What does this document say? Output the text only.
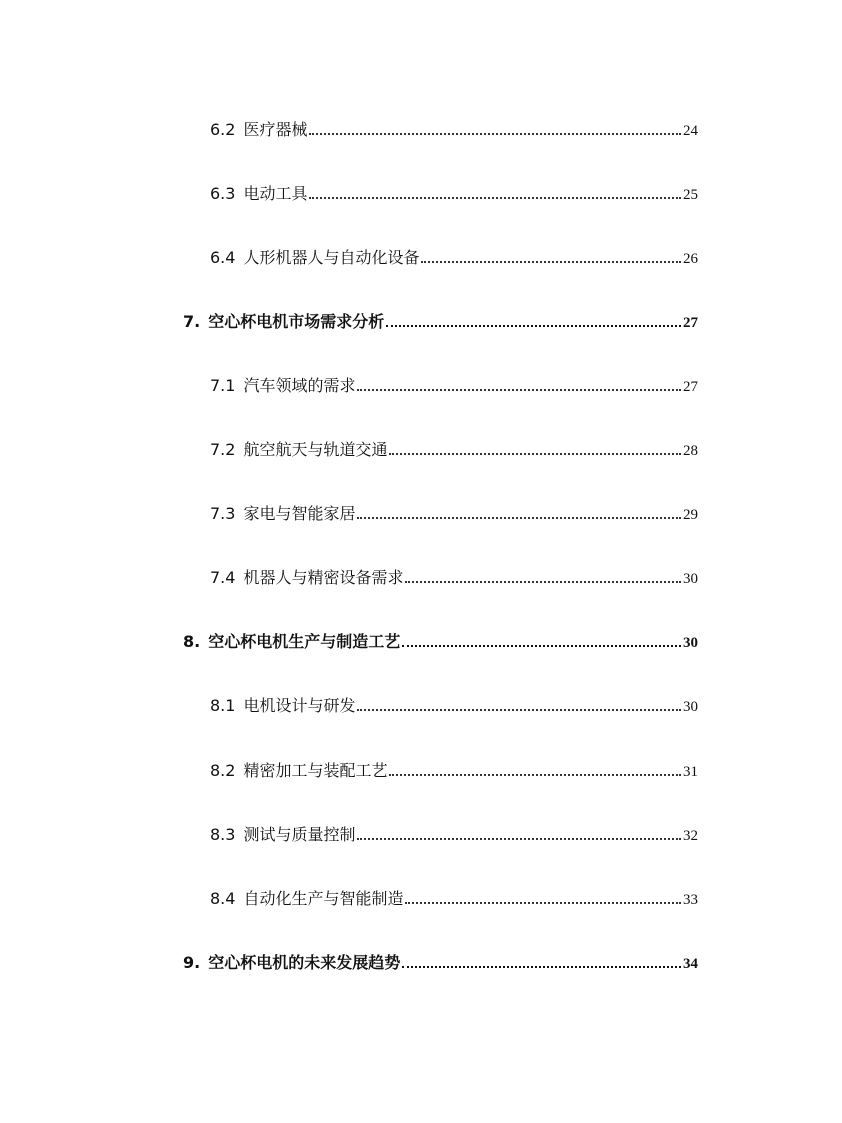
6.2 医疗器械	24
6.3 电动工具	25
6.4 人形机器人与自动化设备	26
7. 空心杯电机市场需求分析	27
7.1 汽车领域的需求	27
7.2 航空航天与轨道交通	28
7.3 家电与智能家居	29
7.4 机器人与精密设备需求	30
8. 空心杯电机生产与制造工艺	30
8.1 电机设计与研发	30
8.2 精密加工与装配工艺	31
8.3 测试与质量控制	32
8.4 自动化生产与智能制造	33
9. 空心杯电机的未来发展趋势	34
